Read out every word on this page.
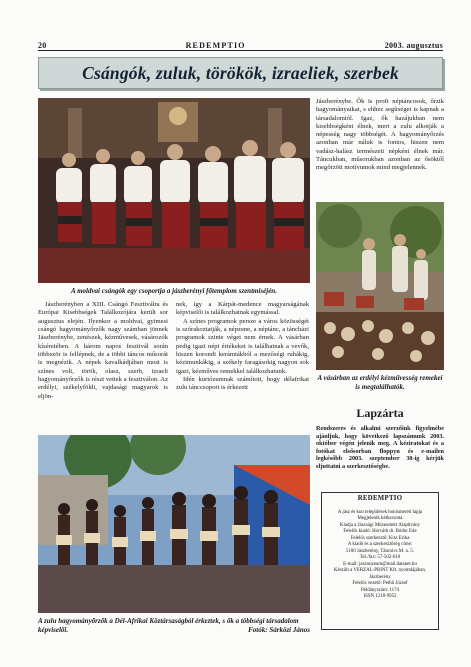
20	REDEMPTIO	2003. augusztus
Csángók, zuluk, törökök, izraeliek, szerbek
A moldvai csángók egy csoportja a jászberényi főtemplom szentmiséjén.
Jászberényben a XIII. Csángó Fesztiválra és Európai Kisebbségek Találkozójára került sor augusztus elején. Ilyenkor a moldvai, gyimesi csángó hagyományőrzők nagy számban jönnek Jászberénybe, zenészek, kézművesek, vásározók kíséretében. A három napos fesztivál során többször is fellépnek, de a többi táncos műsorát is megnézik. A népek kavalkádjában most is színes volt, török, olasz, szerb, izraeli hagyományőrzők is részt vettek a fesztiválon. Az erdélyi, székelyföldi, vajdasági magyarok is eljön-

nek, így a Kárpát-medence magyarságának képviselői is találkozhatnak egymással.

A színes programok persze a város közösségét is szórakoztatják, a népzene, a néptánc, a táncházi programok szinte véget nem érnek. A vásárban pedig igazi népi értékeket is találhatnak a vevők, hiszen korondi kerámiákból a mezőségi ruhákig, kézimunkákig, a székely faragásokig nagyon sok igazi, kézműves remekkel találkozhatunk.

Idén kuriózumnak számított, hogy délafrikai zulu tánccsoport is érkezett

Jászberénybe. Ők is profi néptáncosok, őrzik hagyományaikat, s ehhez segítséget is kapnak a társadalomtól. Igaz, ők hazájukban nem kisebbségként élnek, mert a zulu alkotják a népesség nagy többségét. A hagyományőrzés azonban már náluk is fontos, hiszen nem vadász-halász természeti népként élnek már. Táncukban, műsorukban azonban az ősöktől megőrzött motívumok mind megjelennek.
A vásárban az erdélyi kézművesség remekei is megtalálhatók.
Lapzárta
Rendszeres és alkalmi szerzőink figyelmébe ajánljuk, hogy következő lapszámunk 2003. október végén jelenik meg. A kéziratokat és a fotókat elsősorban floppyn és e-mailen legkésőbb 2003. szeptember 30-ig kérjük eljuttatni a szerkesztőségbe.
REDEMPTIO
A jász és kun települések honismereti lapja
Megjelenik kéthavonta
Kiadja a Jászsági Múzeumért Alapítvány
Felelős kiadó: Horváth dr. Bódor Ede
Felelős szerkesztő: Kiss Erika
A kiadó és a szerkesztőség címe:
5100 Jászberény, Táncsics M. u. 5.
Tel./fax: 57-502-610
E-mail: jasznuzeum@mail.datanet.hu
Készült a VERZAL-PRINT Kft. nyomdájában,
Jászberény
Felelős vezető: Pethő József
Példányszám: 1174
ISSN 1218-9952
A zulu hagyományőrzők a Dél-Afrikai Köztársaságból érkeztek, s ők a többségi társadalom képviselői.	Fotók: Sárközi János
